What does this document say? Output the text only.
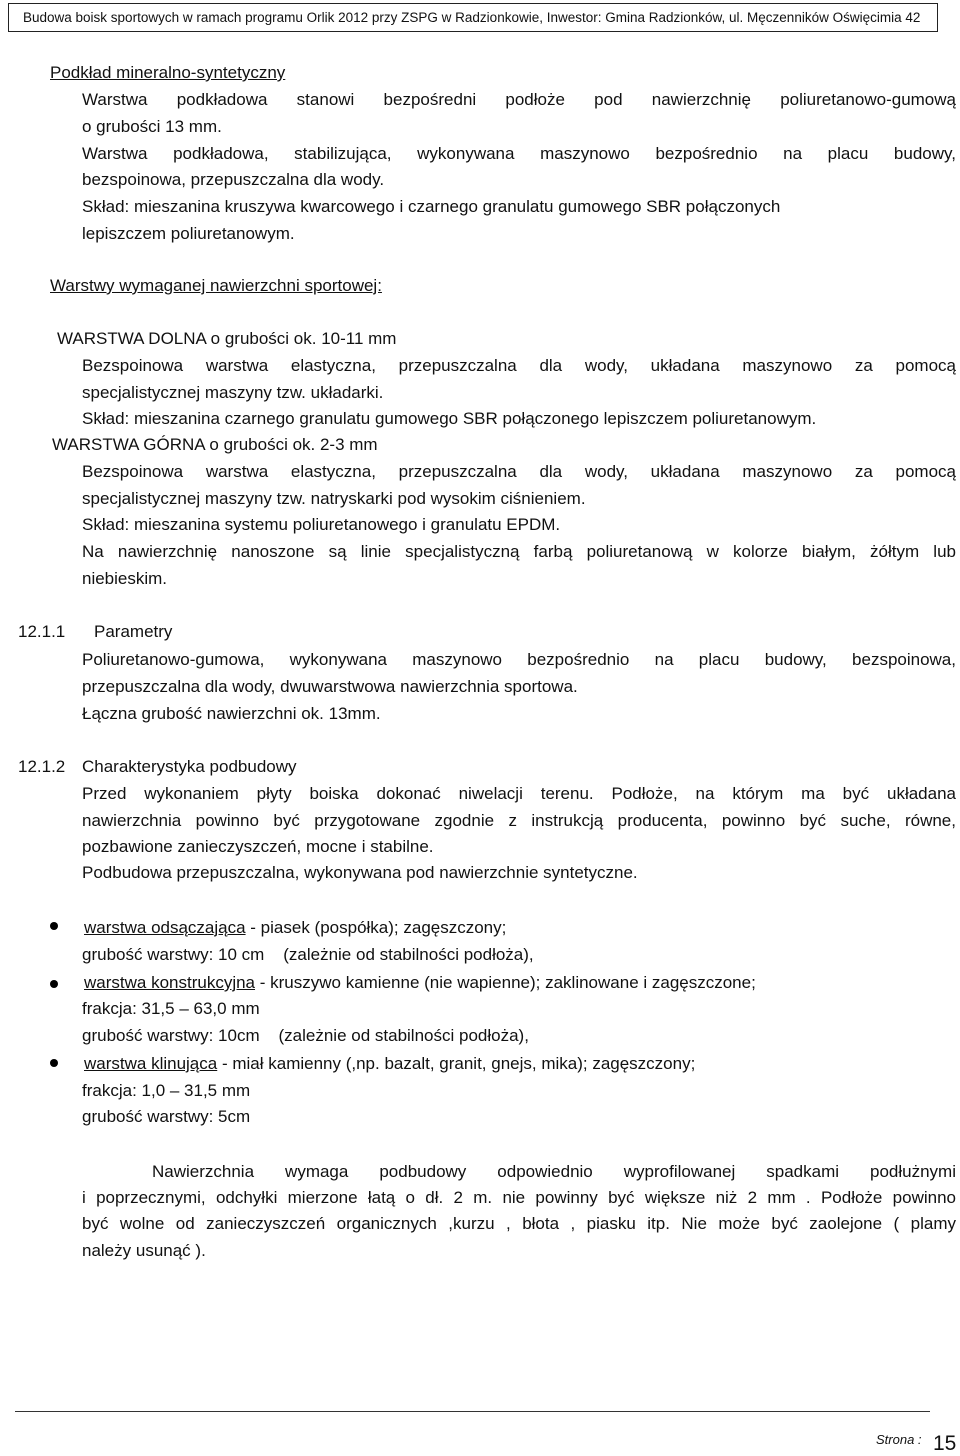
Budowa boisk sportowych w ramach programu Orlik 2012 przy ZSPG w Radzionkowie, Inwestor: Gmina Radzionków, ul. Męczenników Oświęcimia 42
Podkład mineralno-syntetyczny
Warstwa podkładowa stanowi bezpośredni podłoże pod nawierzchnię poliuretanowo-gumową
o grubości 13 mm.
Warstwa podkładowa, stabilizująca, wykonywana maszynowo bezpośrednio na placu budowy,
bezspoinowa, przepuszczalna dla wody.
Skład: mieszanina kruszywa kwarcowego i czarnego granulatu gumowego SBR połączonych
lepiszczem poliuretanowym.
Warstwy wymaganej nawierzchni sportowej:
WARSTWA DOLNA o grubości ok. 10-11 mm
Bezspoinowa warstwa elastyczna, przepuszczalna dla wody, układana maszynowo za pomocą
specjalistycznej maszyny tzw. układarki.
Skład: mieszanina czarnego granulatu gumowego SBR połączonego lepiszczem poliuretanowym.
WARSTWA GÓRNA o grubości ok. 2-3 mm
Bezspoinowa warstwa elastyczna, przepuszczalna dla wody, układana maszynowo za pomocą
specjalistycznej maszyny tzw. natryskarki pod wysokim ciśnieniem.
Skład: mieszanina systemu poliuretanowego i granulatu EPDM.
Na nawierzchnię nanoszone są linie specjalistyczną farbą poliuretanową w kolorze białym, żółtym lub
niebieskim.
12.1.1 Parametry
Poliuretanowo-gumowa, wykonywana maszynowo bezpośrednio na placu budowy, bezspoinowa,
przepuszczalna dla wody, dwuwarstwowa nawierzchnia sportowa.
Łączna grubość nawierzchni ok. 13mm.
12.1.2 Charakterystyka podbudowy
Przed wykonaniem płyty boiska dokonać niwelacji terenu. Podłoże, na którym ma być układana
nawierzchnia powinno być przygotowane zgodnie z instrukcją producenta, powinno być suche, równe,
pozbawione zanieczyszczeń, mocne i stabilne.
Podbudowa przepuszczalna, wykonywana pod nawierzchnie syntetyczne.
warstwa odsączająca - piasek (pospółka); zagęszczony;
grubość warstwy: 10 cm    (zależnie od stabilności podłoża),
warstwa konstrukcyjna - kruszywo kamienne (nie wapienne); zaklinowane i zagęszczone;
frakcja: 31,5 – 63,0 mm
grubość warstwy: 10cm    (zależnie od stabilności podłoża),
warstwa klinująca - miał kamienny (,np. bazalt, granit, gnejs, mika); zagęszczony;
frakcja: 1,0 – 31,5 mm
grubość warstwy: 5cm
Nawierzchnia wymaga podbudowy odpowiednio wyprofilowanej spadkami podłużnymi
i poprzecznymi, odchyłki mierzone łatą o dł. 2 m. nie powinny być większe niż 2 mm . Podłoże powinno
być wolne od zanieczyszczeń organicznych ,kurzu , błota , piasku itp. Nie może być zaolejone ( plamy
należy usunąć ).
Strona : 15
